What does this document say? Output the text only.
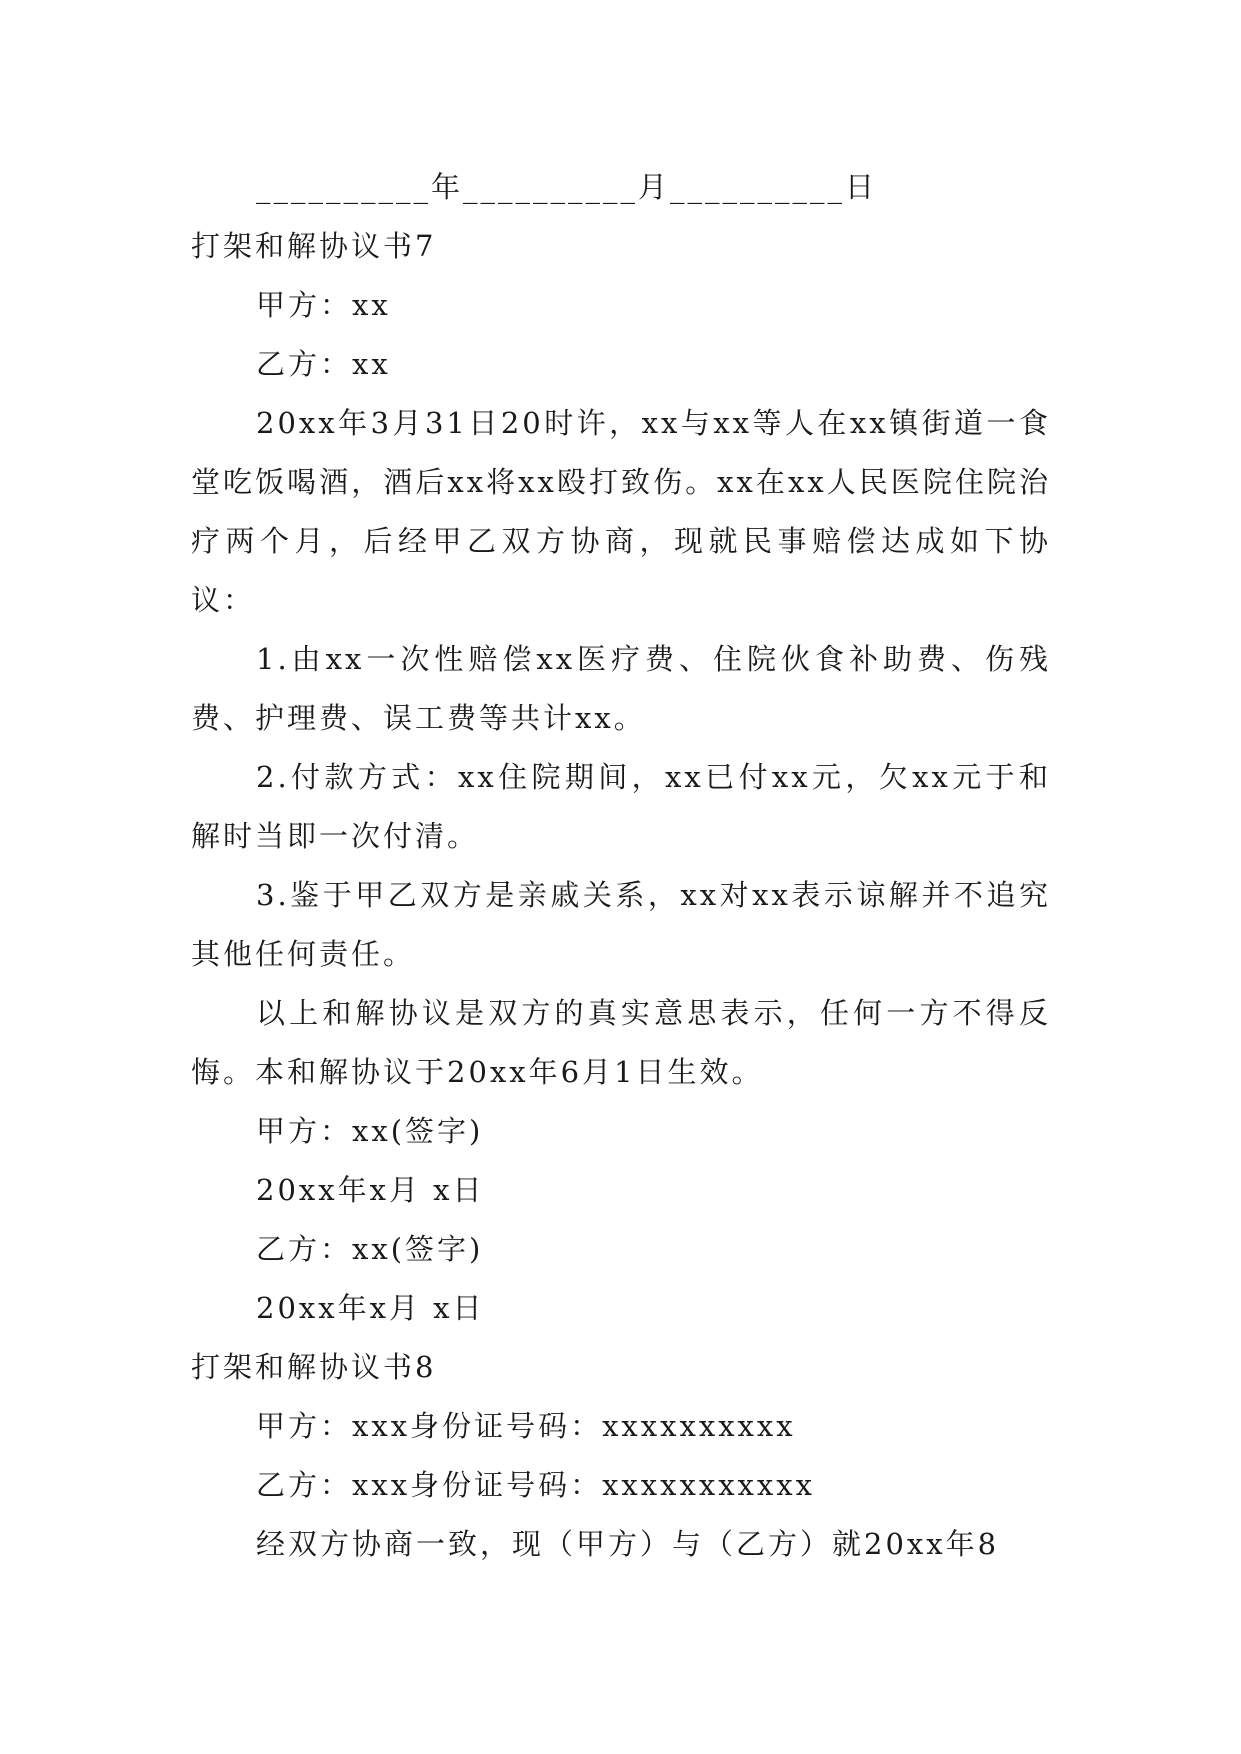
__________年__________月__________日
打架和解协议书7
甲方：xx
乙方：xx

20xx年3月31日20时许，xx与xx等人在xx镇街道一食堂吃饭喝酒，酒后xx将xx殴打致伤。xx在xx人民医院住院治疗两个月，后经甲乙双方协商，现就民事赔偿达成如下协议：

1.由xx一次性赔偿xx医疗费、住院伙食补助费、伤残费、护理费、误工费等共计xx。

2.付款方式：xx住院期间，xx已付xx元，欠xx元于和解时当即一次付清。

3.鉴于甲乙双方是亲戚关系，xx对xx表示谅解并不追究其他任何责任。

以上和解协议是双方的真实意思表示，任何一方不得反悔。本和解协议于20xx年6月1日生效。

甲方：xx(签字)
20xx年x月 x日
乙方：xx(签字)
20xx年x月 x日
打架和解协议书8
甲方：xxx身份证号码：xxxxxxxxxx
乙方：xxx身份证号码：xxxxxxxxxxx

经双方协商一致，现（甲方）与（乙方）就20xx年8
